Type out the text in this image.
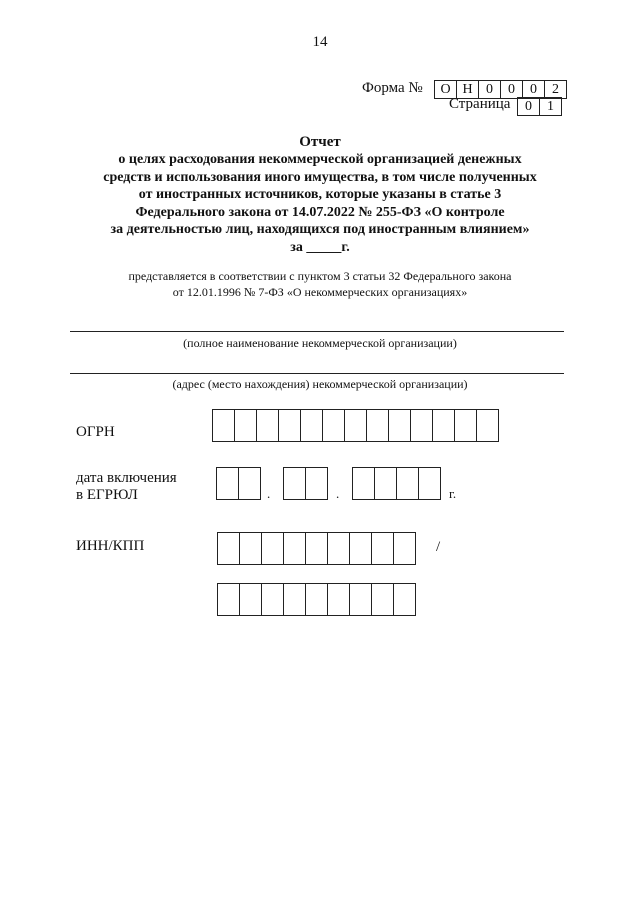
14
Форма №	О Н 0	0	0	2
Страница	0	1
Отчет
о целях расходования некоммерческой организацией денежных
средств и использования иного имущества, в том числе полученных
от иностранных источников, которые указаны в статье 3
Федерального закона от 14.07.2022 № 255-ФЗ «О контроле
за деятельностью лиц, находящихся под иностранным влиянием»
за _____г.
представляется в соответствии с пунктом 3 статьи 32 Федерального закона
от 12.01.1996 № 7-ФЗ «О некоммерческих организациях»
(полное наименование некоммерческой организации)
(адрес (место нахождения) некоммерческой организации)
ОГРН
дата включения
в ЕГРЮЛ	.	.	г.
ИНН/КПП	/
